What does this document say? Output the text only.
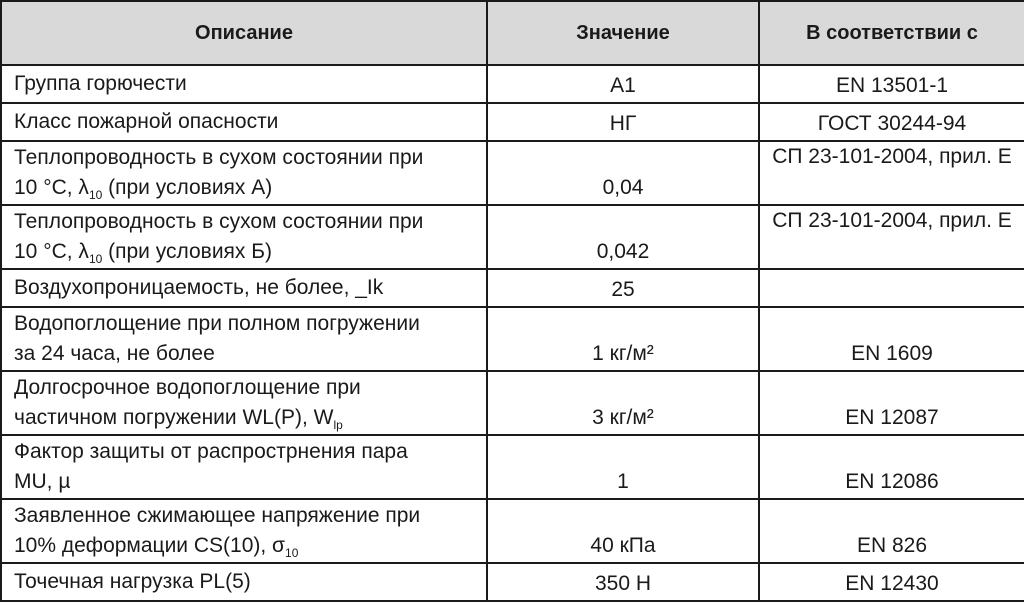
Описание	Значение	В соответствии с
Группа горючести	А1	EN 13501-1
Класс пожарной опасности	НГ	ГОСТ 30244-94
Теплопроводность в сухом состоянии при
10 °С, $\lambda_{10}$ (при условиях А)	0,04	СП 23-101-2004, прил. Е
Теплопроводность в сухом состоянии при
10 °С, $\lambda_{10}$ (при условиях Б)	0,042	СП 23-101-2004, прил. Е
Воздухопроницаемость, не более, _Ik	25	
Водопоглощение при полном погружении
за 24 часа, не более	1 кг/м²	EN 1609
Долгосрочное водопоглощение при
частичном погружении WL(P), $W_{lp}$	3 кг/м²	EN 12087
Фактор защиты от распростpнения пара
MU, µ	1	EN 12086
Заявленное сжимающее напряжение при
10% деформации CS(10), $\sigma_{10}$	40 кПа	EN 826
Точечная нагрузка PL(5)	350 Н	EN 12430
